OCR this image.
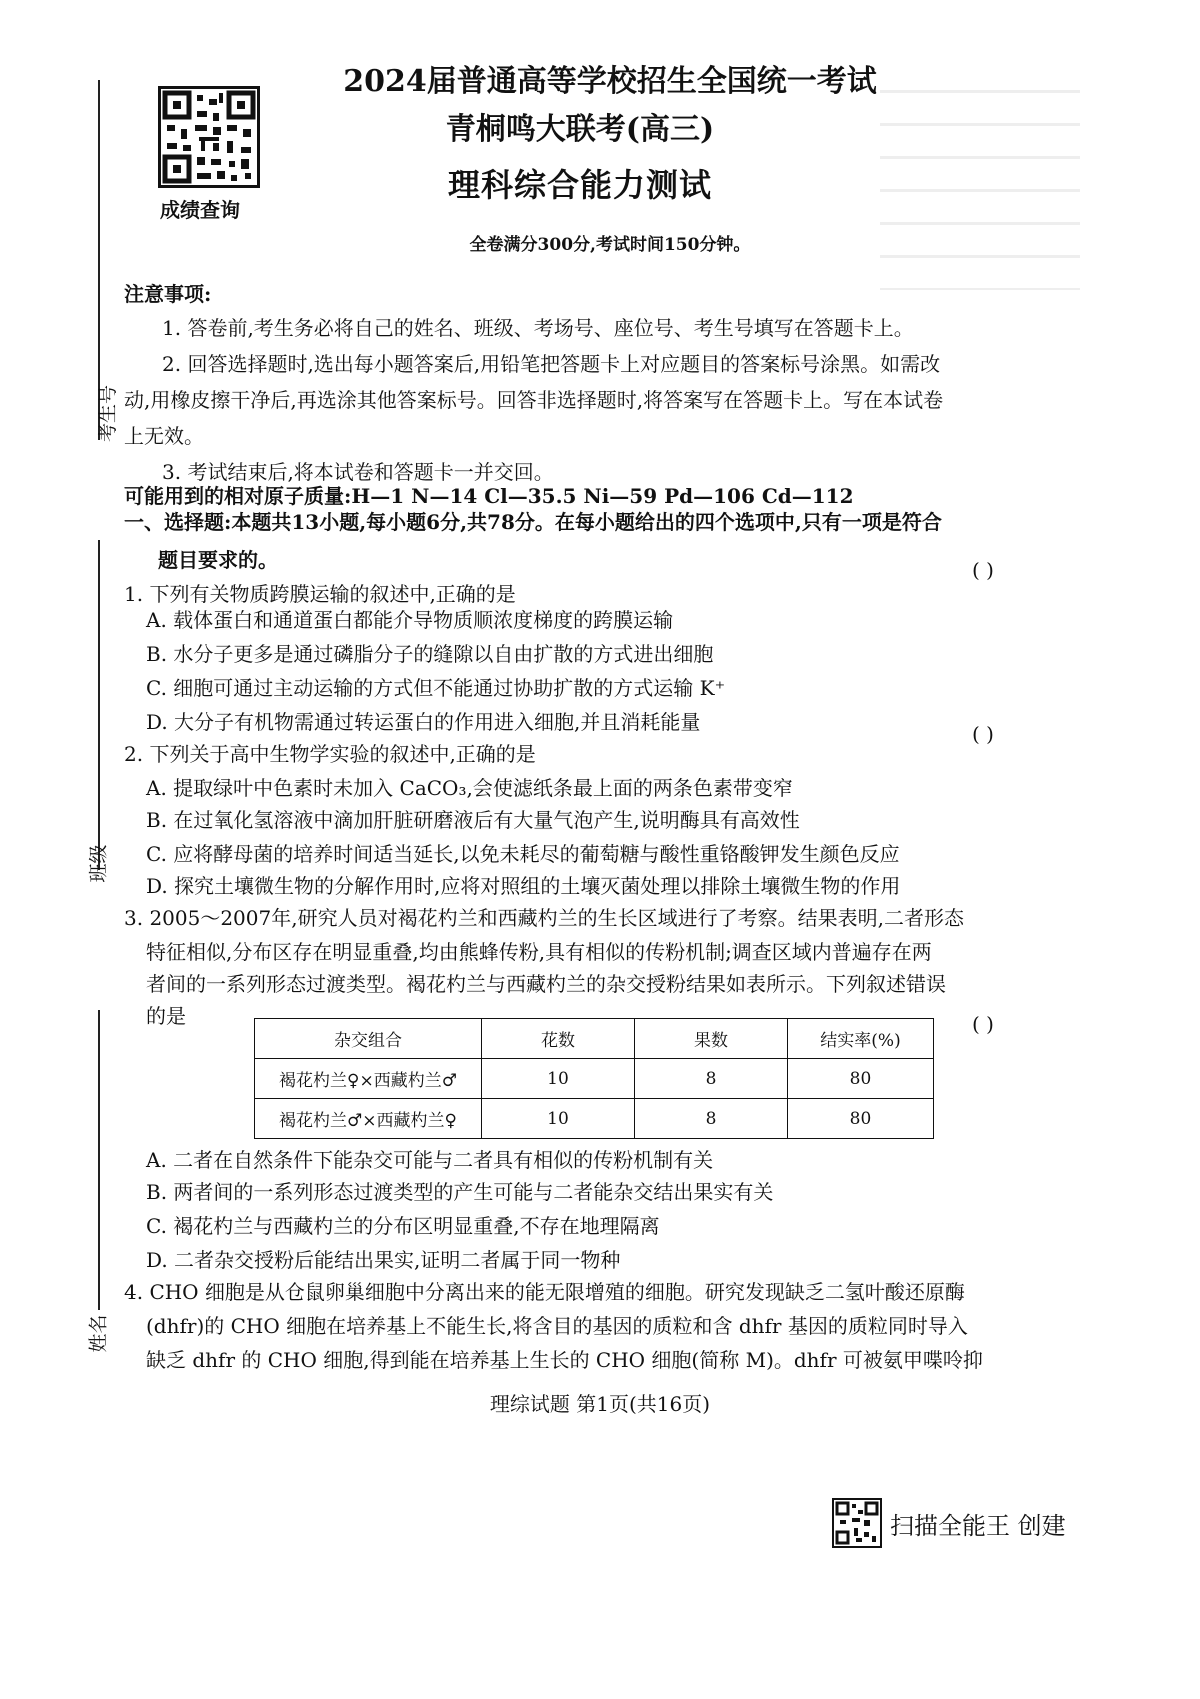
考生号
班级
姓名
成绩查询
2024届普通高等学校招生全国统一考试
青桐鸣大联考(高三)
理科综合能力测试
全卷满分300分,考试时间150分钟。
注意事项:
1. 答卷前,考生务必将自己的姓名、班级、考场号、座位号、考生号填写在答题卡上。
2. 回答选择题时,选出每小题答案后,用铅笔把答题卡上对应题目的答案标号涂黑。如需改
动,用橡皮擦干净后,再选涂其他答案标号。回答非选择题时,将答案写在答题卡上。写在本试卷
上无效。
3. 考试结束后,将本试卷和答题卡一并交回。
可能用到的相对原子质量:H—1 N—14 Cl—35.5 Ni—59 Pd—106 Cd—112
一、选择题:本题共13小题,每小题6分,共78分。在每小题给出的四个选项中,只有一项是符合
题目要求的。
1. 下列有关物质跨膜运输的叙述中,正确的是
( )
A. 载体蛋白和通道蛋白都能介导物质顺浓度梯度的跨膜运输
B. 水分子更多是通过磷脂分子的缝隙以自由扩散的方式进出细胞
C. 细胞可通过主动运输的方式但不能通过协助扩散的方式运输 K⁺
D. 大分子有机物需通过转运蛋白的作用进入细胞,并且消耗能量
2. 下列关于高中生物学实验的叙述中,正确的是
( )
A. 提取绿叶中色素时未加入 CaCO₃,会使滤纸条最上面的两条色素带变窄
B. 在过氧化氢溶液中滴加肝脏研磨液后有大量气泡产生,说明酶具有高效性
C. 应将酵母菌的培养时间适当延长,以免未耗尽的葡萄糖与酸性重铬酸钾发生颜色反应
D. 探究土壤微生物的分解作用时,应将对照组的土壤灭菌处理以排除土壤微生物的作用
3. 2005～2007年,研究人员对褐花杓兰和西藏杓兰的生长区域进行了考察。结果表明,二者形态
特征相似,分布区存在明显重叠,均由熊蜂传粉,具有相似的传粉机制;调查区域内普遍存在两
者间的一系列形态过渡类型。褐花杓兰与西藏杓兰的杂交授粉结果如表所示。下列叙述错误
的是	( )
杂交组合	花数	果数	结实率(%)
褐花杓兰♀×西藏杓兰♂	10	8	80
褐花杓兰♂×西藏杓兰♀	10	8	80
A. 二者在自然条件下能杂交可能与二者具有相似的传粉机制有关
B. 两者间的一系列形态过渡类型的产生可能与二者能杂交结出果实有关
C. 褐花杓兰与西藏杓兰的分布区明显重叠,不存在地理隔离
D. 二者杂交授粉后能结出果实,证明二者属于同一物种
4. CHO 细胞是从仓鼠卵巢细胞中分离出来的能无限增殖的细胞。研究发现缺乏二氢叶酸还原酶
(dhfr)的 CHO 细胞在培养基上不能生长,将含目的基因的质粒和含 dhfr 基因的质粒同时导入
缺乏 dhfr 的 CHO 细胞,得到能在培养基上生长的 CHO 细胞(简称 M)。dhfr 可被氨甲喋呤抑
理综试题 第1页(共16页)
扫描全能王 创建
